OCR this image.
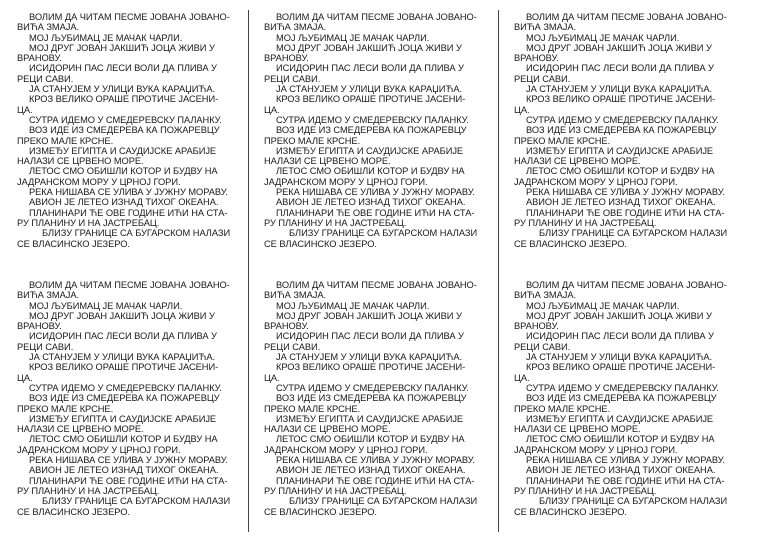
ВОЛИМ ДА ЧИТАМ ПЕСМЕ ЈОВАНА ЈОВАНО-
ВИЋА ЗМАЈА.
МОЈ ЉУБИМАЦ ЈЕ МАЧАК ЧАРЛИ.
МОЈ ДРУГ ЈОВАН ЈАКШИЋ ЈОЦА ЖИВИ У
ВРАНОВУ.
ИСИДОРИН ПАС ЛЕСИ ВОЛИ ДА ПЛИВА У
РЕЦИ САВИ.
ЈА СТАНУЈЕМ У УЛИЦИ ВУКА КАРАЏИЋА.
КРОЗ ВЕЛИКО ОРАШЕ ПРОТИЧЕ ЈАСЕНИ-
ЦА.
СУТРА ИДЕМО У СМЕДЕРЕВСКУ ПАЛАНКУ.
ВОЗ ИДЕ ИЗ СМЕДЕРЕВА КА ПОЖАРЕВЦУ
ПРЕКО МАЛЕ КРСНЕ.
ИЗМЕЂУ ЕГИПТА И САУДИЈСКЕ АРАБИЈЕ
НАЛАЗИ СЕ ЦРВЕНО МОРЕ.
ЛЕТОС СМО ОБИШЛИ КОТОР И БУДВУ НА
ЈАДРАНСКОМ МОРУ У ЦРНОЈ ГОРИ.
РЕКА НИШАВА СЕ УЛИВА У ЈУЖНУ МОРАВУ.
АВИОН ЈЕ ЛЕТЕО ИЗНАД ТИХОГ ОКЕАНА.
ПЛАНИНАРИ ЋЕ ОВЕ ГОДИНЕ ИЋИ НА СТА-
РУ ПЛАНИНУ И НА ЈАСТРЕБАЦ.
БЛИЗУ ГРАНИЦЕ СА БУГАРСКОМ НАЛАЗИ
СЕ ВЛАСИНСКО ЈЕЗЕРО.
ВОЛИМ ДА ЧИТАМ ПЕСМЕ ЈОВАНА ЈОВАНО-
ВИЋА ЗМАЈА.
МОЈ ЉУБИМАЦ ЈЕ МАЧАК ЧАРЛИ.
МОЈ ДРУГ ЈОВАН ЈАКШИЋ ЈОЦА ЖИВИ У
ВРАНОВУ.
ИСИДОРИН ПАС ЛЕСИ ВОЛИ ДА ПЛИВА У
РЕЦИ САВИ.
ЈА СТАНУЈЕМ У УЛИЦИ ВУКА КАРАЏИЋА.
КРОЗ ВЕЛИКО ОРАШЕ ПРОТИЧЕ ЈАСЕНИ-
ЦА.
СУТРА ИДЕМО У СМЕДЕРЕВСКУ ПАЛАНКУ.
ВОЗ ИДЕ ИЗ СМЕДЕРЕВА КА ПОЖАРЕВЦУ
ПРЕКО МАЛЕ КРСНЕ.
ИЗМЕЂУ ЕГИПТА И САУДИЈСКЕ АРАБИЈЕ
НАЛАЗИ СЕ ЦРВЕНО МОРЕ.
ЛЕТОС СМО ОБИШЛИ КОТОР И БУДВУ НА
ЈАДРАНСКОМ МОРУ У ЦРНОЈ ГОРИ.
РЕКА НИШАВА СЕ УЛИВА У ЈУЖНУ МОРАВУ.
АВИОН ЈЕ ЛЕТЕО ИЗНАД ТИХОГ ОКЕАНА.
ПЛАНИНАРИ ЋЕ ОВЕ ГОДИНЕ ИЋИ НА СТА-
РУ ПЛАНИНУ И НА ЈАСТРЕБАЦ.
БЛИЗУ ГРАНИЦЕ СА БУГАРСКОМ НАЛАЗИ
СЕ ВЛАСИНСКО ЈЕЗЕРО.
ВОЛИМ ДА ЧИТАМ ПЕСМЕ ЈОВАНА ЈОВАНО-
ВИЋА ЗМАЈА.
МОЈ ЉУБИМАЦ ЈЕ МАЧАК ЧАРЛИ.
МОЈ ДРУГ ЈОВАН ЈАКШИЋ ЈОЦА ЖИВИ У
ВРАНОВУ.
ИСИДОРИН ПАС ЛЕСИ ВОЛИ ДА ПЛИВА У
РЕЦИ САВИ.
ЈА СТАНУЈЕМ У УЛИЦИ ВУКА КАРАЏИЋА.
КРОЗ ВЕЛИКО ОРАШЕ ПРОТИЧЕ ЈАСЕНИ-
ЦА.
СУТРА ИДЕМО У СМЕДЕРЕВСКУ ПАЛАНКУ.
ВОЗ ИДЕ ИЗ СМЕДЕРЕВА КА ПОЖАРЕВЦУ
ПРЕКО МАЛЕ КРСНЕ.
ИЗМЕЂУ ЕГИПТА И САУДИЈСКЕ АРАБИЈЕ
НАЛАЗИ СЕ ЦРВЕНО МОРЕ.
ЛЕТОС СМО ОБИШЛИ КОТОР И БУДВУ НА
ЈАДРАНСКОМ МОРУ У ЦРНОЈ ГОРИ.
РЕКА НИШАВА СЕ УЛИВА У ЈУЖНУ МОРАВУ.
АВИОН ЈЕ ЛЕТЕО ИЗНАД ТИХОГ ОКЕАНА.
ПЛАНИНАРИ ЋЕ ОВЕ ГОДИНЕ ИЋИ НА СТА-
РУ ПЛАНИНУ И НА ЈАСТРЕБАЦ.
БЛИЗУ ГРАНИЦЕ СА БУГАРСКОМ НАЛАЗИ
СЕ ВЛАСИНСКО ЈЕЗЕРО.
ВОЛИМ ДА ЧИТАМ ПЕСМЕ ЈОВАНА ЈОВАНО-
ВИЋА ЗМАЈА.
МОЈ ЉУБИМАЦ ЈЕ МАЧАК ЧАРЛИ.
МОЈ ДРУГ ЈОВАН ЈАКШИЋ ЈОЦА ЖИВИ У
ВРАНОВУ.
ИСИДОРИН ПАС ЛЕСИ ВОЛИ ДА ПЛИВА У
РЕЦИ САВИ.
ЈА СТАНУЈЕМ У УЛИЦИ ВУКА КАРАЏИЋА.
КРОЗ ВЕЛИКО ОРАШЕ ПРОТИЧЕ ЈАСЕНИ-
ЦА.
СУТРА ИДЕМО У СМЕДЕРЕВСКУ ПАЛАНКУ.
ВОЗ ИДЕ ИЗ СМЕДЕРЕВА КА ПОЖАРЕВЦУ
ПРЕКО МАЛЕ КРСНЕ.
ИЗМЕЂУ ЕГИПТА И САУДИЈСКЕ АРАБИЈЕ
НАЛАЗИ СЕ ЦРВЕНО МОРЕ.
ЛЕТОС СМО ОБИШЛИ КОТОР И БУДВУ НА
ЈАДРАНСКОМ МОРУ У ЦРНОЈ ГОРИ.
РЕКА НИШАВА СЕ УЛИВА У ЈУЖНУ МОРАВУ.
АВИОН ЈЕ ЛЕТЕО ИЗНАД ТИХОГ ОКЕАНА.
ПЛАНИНАРИ ЋЕ ОВЕ ГОДИНЕ ИЋИ НА СТА-
РУ ПЛАНИНУ И НА ЈАСТРЕБАЦ.
БЛИЗУ ГРАНИЦЕ СА БУГАРСКОМ НАЛАЗИ
СЕ ВЛАСИНСКО ЈЕЗЕРО.
ВОЛИМ ДА ЧИТАМ ПЕСМЕ ЈОВАНА ЈОВАНО-
ВИЋА ЗМАЈА.
МОЈ ЉУБИМАЦ ЈЕ МАЧАК ЧАРЛИ.
МОЈ ДРУГ ЈОВАН ЈАКШИЋ ЈОЦА ЖИВИ У
ВРАНОВУ.
ИСИДОРИН ПАС ЛЕСИ ВОЛИ ДА ПЛИВА У
РЕЦИ САВИ.
ЈА СТАНУЈЕМ У УЛИЦИ ВУКА КАРАЏИЋА.
КРОЗ ВЕЛИКО ОРАШЕ ПРОТИЧЕ ЈАСЕНИ-
ЦА.
СУТРА ИДЕМО У СМЕДЕРЕВСКУ ПАЛАНКУ.
ВОЗ ИДЕ ИЗ СМЕДЕРЕВА КА ПОЖАРЕВЦУ
ПРЕКО МАЛЕ КРСНЕ.
ИЗМЕЂУ ЕГИПТА И САУДИЈСКЕ АРАБИЈЕ
НАЛАЗИ СЕ ЦРВЕНО МОРЕ.
ЛЕТОС СМО ОБИШЛИ КОТОР И БУДВУ НА
ЈАДРАНСКОМ МОРУ У ЦРНОЈ ГОРИ.
РЕКА НИШАВА СЕ УЛИВА У ЈУЖНУ МОРАВУ.
АВИОН ЈЕ ЛЕТЕО ИЗНАД ТИХОГ ОКЕАНА.
ПЛАНИНАРИ ЋЕ ОВЕ ГОДИНЕ ИЋИ НА СТА-
РУ ПЛАНИНУ И НА ЈАСТРЕБАЦ.
БЛИЗУ ГРАНИЦЕ СА БУГАРСКОМ НАЛАЗИ
СЕ ВЛАСИНСКО ЈЕЗЕРО.
ВОЛИМ ДА ЧИТАМ ПЕСМЕ ЈОВАНА ЈОВАНО-
ВИЋА ЗМАЈА.
МОЈ ЉУБИМАЦ ЈЕ МАЧАК ЧАРЛИ.
МОЈ ДРУГ ЈОВАН ЈАКШИЋ ЈОЦА ЖИВИ У
ВРАНОВУ.
ИСИДОРИН ПАС ЛЕСИ ВОЛИ ДА ПЛИВА У
РЕЦИ САВИ.
ЈА СТАНУЈЕМ У УЛИЦИ ВУКА КАРАЏИЋА.
КРОЗ ВЕЛИКО ОРАШЕ ПРОТИЧЕ ЈАСЕНИ-
ЦА.
СУТРА ИДЕМО У СМЕДЕРЕВСКУ ПАЛАНКУ.
ВОЗ ИДЕ ИЗ СМЕДЕРЕВА КА ПОЖАРЕВЦУ
ПРЕКО МАЛЕ КРСНЕ.
ИЗМЕЂУ ЕГИПТА И САУДИЈСКЕ АРАБИЈЕ
НАЛАЗИ СЕ ЦРВЕНО МОРЕ.
ЛЕТОС СМО ОБИШЛИ КОТОР И БУДВУ НА
ЈАДРАНСКОМ МОРУ У ЦРНОЈ ГОРИ.
РЕКА НИШАВА СЕ УЛИВА У ЈУЖНУ МОРАВУ.
АВИОН ЈЕ ЛЕТЕО ИЗНАД ТИХОГ ОКЕАНА.
ПЛАНИНАРИ ЋЕ ОВЕ ГОДИНЕ ИЋИ НА СТА-
РУ ПЛАНИНУ И НА ЈАСТРЕБАЦ.
БЛИЗУ ГРАНИЦЕ СА БУГАРСКОМ НАЛАЗИ
СЕ ВЛАСИНСКО ЈЕЗЕРО.
